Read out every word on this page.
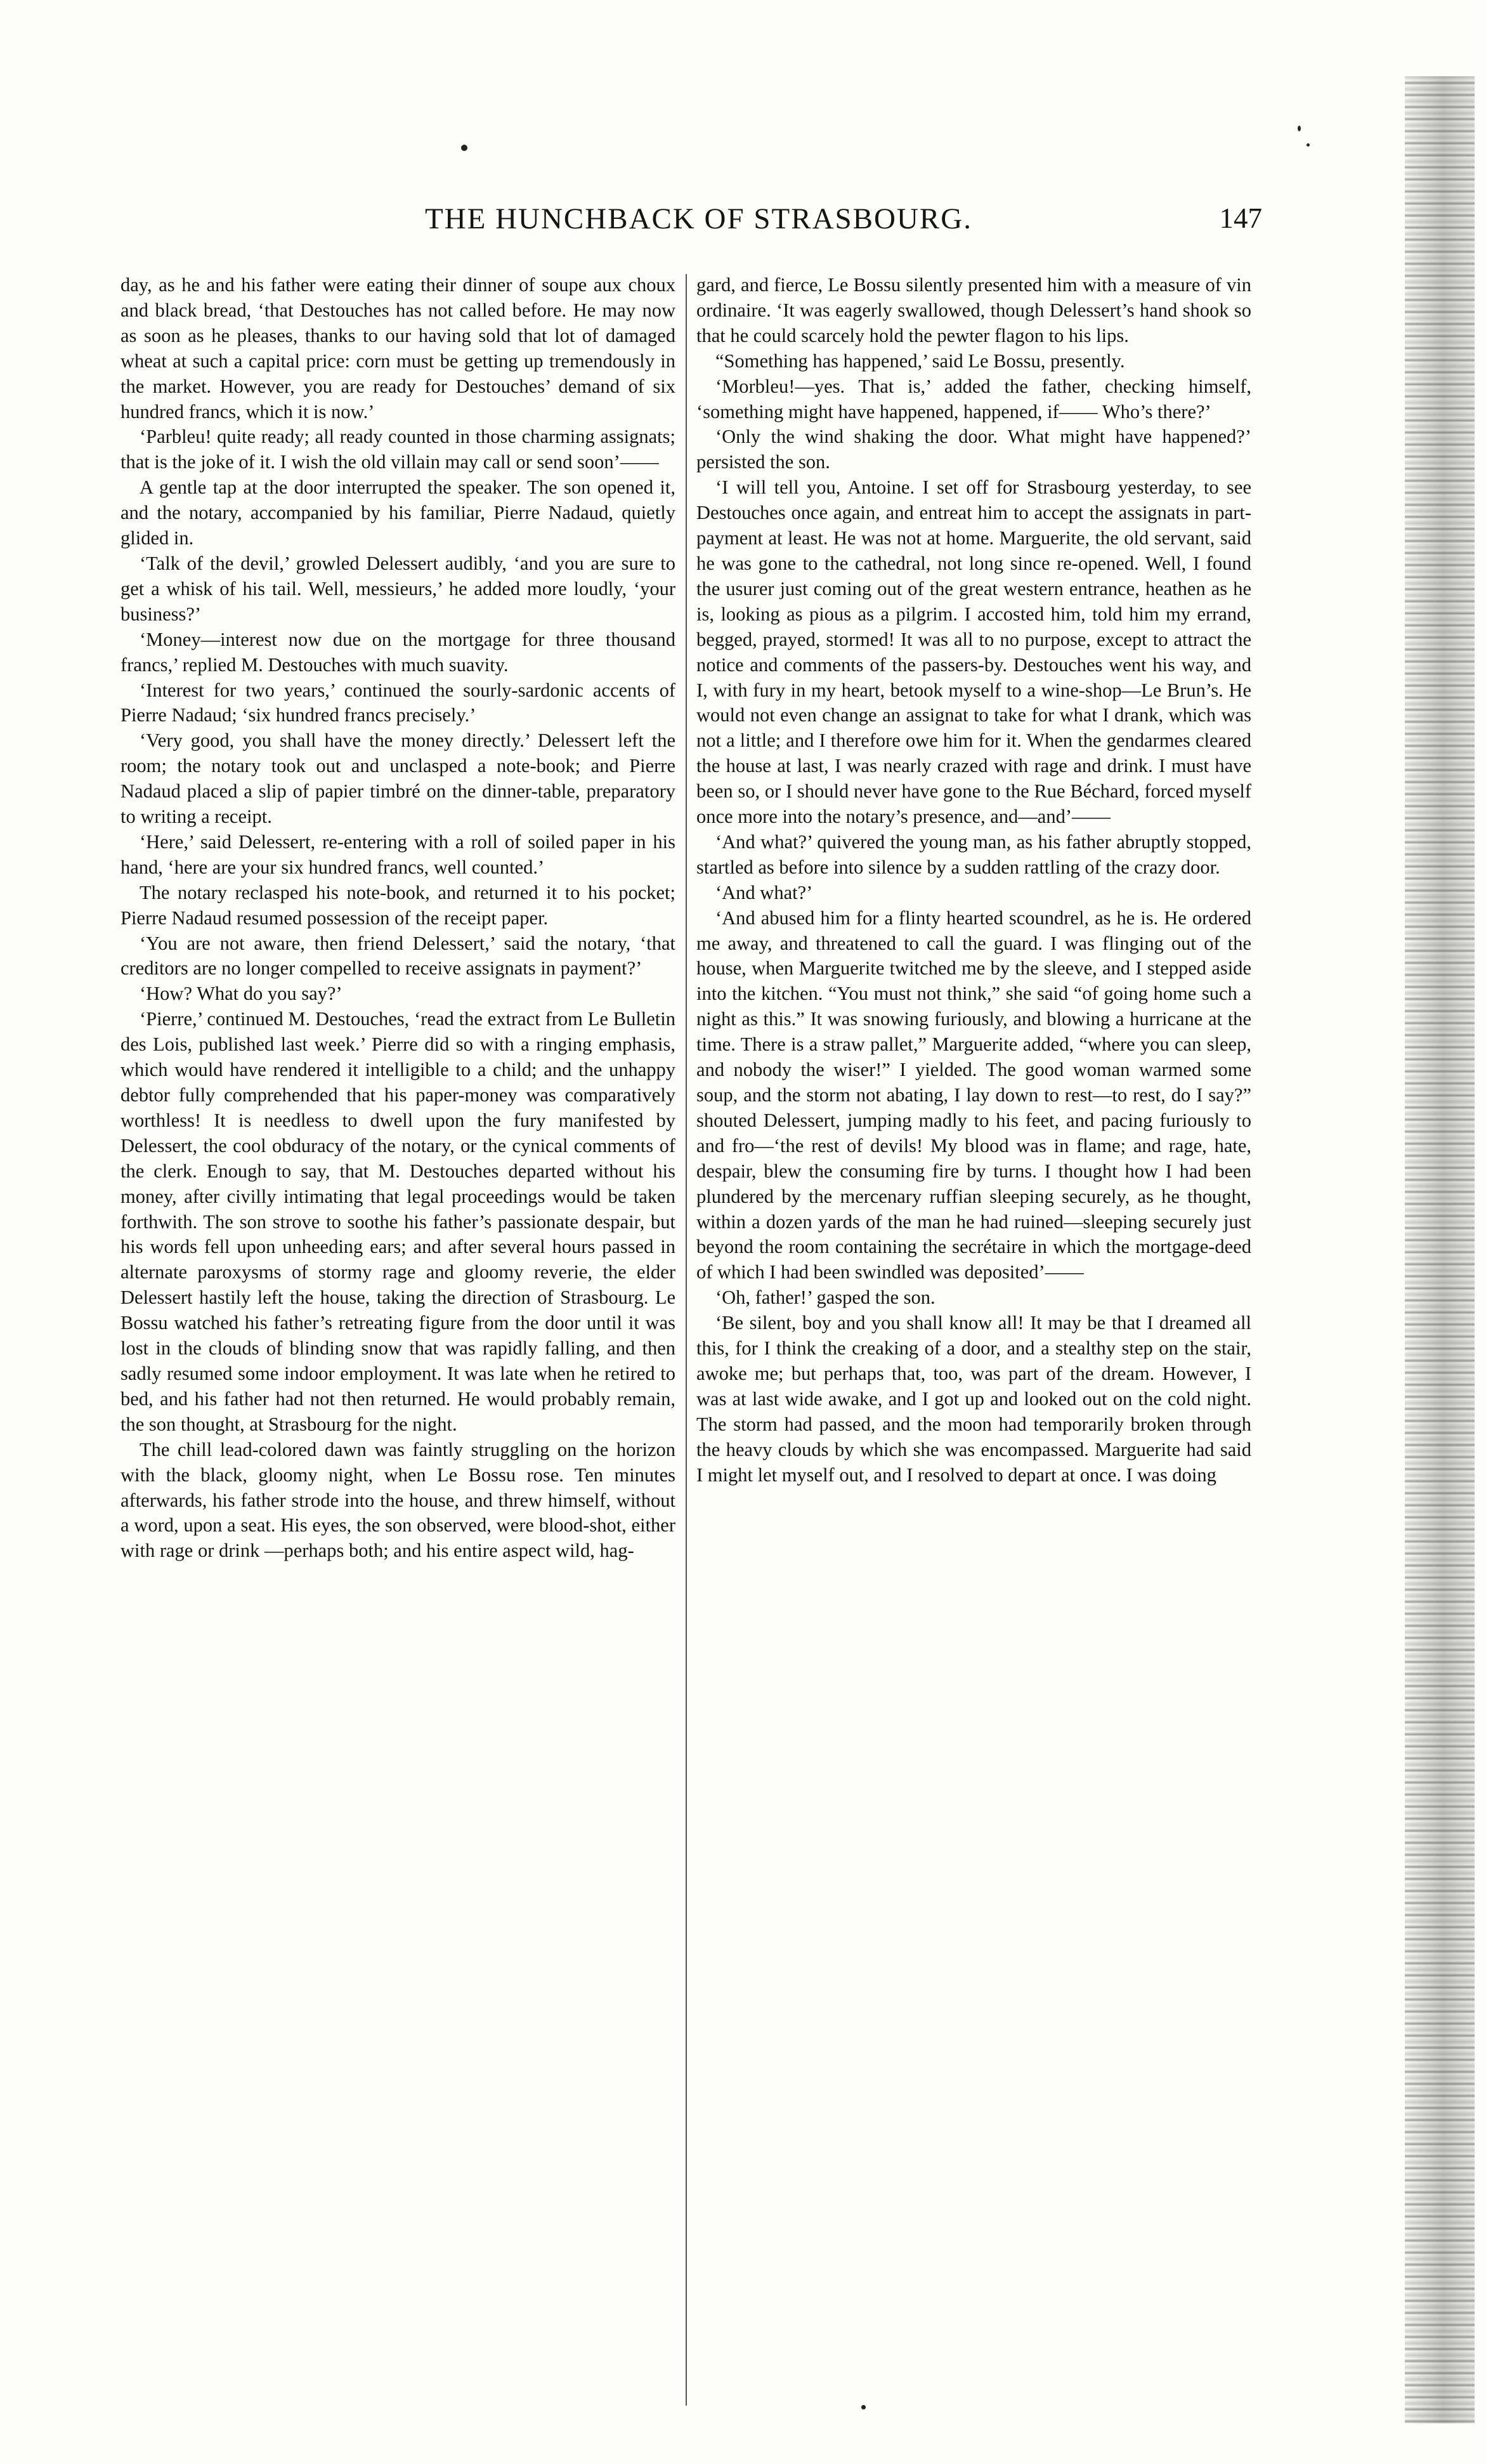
THE HUNCHBACK OF STRASBOURG.	147

day, as he and his father were eating their dinner of soupe aux choux and black bread, ‘that Destouches has not called before. He may now as soon as he pleases, thanks to our having sold that lot of damaged wheat at such a capital price: corn must be getting up tremendously in the market. However, you are ready for Destouches’ demand of six hundred francs, which it is now.’

‘Parbleu! quite ready; all ready counted in those charming assignats; that is the joke of it. I wish the old villain may call or send soon’——

A gentle tap at the door interrupted the speaker. The son opened it, and the notary, accompanied by his familiar, Pierre Nadaud, quietly glided in.

‘Talk of the devil,’ growled Delessert audibly, ‘and you are sure to get a whisk of his tail. Well, messieurs,’ he added more loudly, ‘your business?’

‘Money—interest now due on the mortgage for three thousand francs,’ replied M. Destouches with much suavity.

‘Interest for two years,’ continued the sourly-sardonic accents of Pierre Nadaud; ‘six hundred francs precisely.’

‘Very good, you shall have the money directly.’ Delessert left the room; the notary took out and unclasped a note-book; and Pierre Nadaud placed a slip of papier timbré on the dinner-table, preparatory to writing a receipt.

‘Here,’ said Delessert, re-entering with a roll of soiled paper in his hand, ‘here are your six hundred francs, well counted.’

The notary reclasped his note-book, and returned it to his pocket; Pierre Nadaud resumed possession of the receipt paper.

‘You are not aware, then friend Delessert,’ said the notary, ‘that creditors are no longer compelled to receive assignats in payment?’

‘How? What do you say?’

‘Pierre,’ continued M. Destouches, ‘read the extract from Le Bulletin des Lois, published last week.’ Pierre did so with a ringing emphasis, which would have rendered it intelligible to a child; and the unhappy debtor fully comprehended that his paper-money was comparatively worthless! It is needless to dwell upon the fury manifested by Delessert, the cool obduracy of the notary, or the cynical comments of the clerk. Enough to say, that M. Destouches departed without his money, after civilly intimating that legal proceedings would be taken forthwith. The son strove to soothe his father’s passionate despair, but his words fell upon unheeding ears; and after several hours passed in alternate paroxysms of stormy rage and gloomy reverie, the elder Delessert hastily left the house, taking the direction of Strasbourg. Le Bossu watched his father’s retreating figure from the door until it was lost in the clouds of blinding snow that was rapidly falling, and then sadly resumed some indoor employment. It was late when he retired to bed, and his father had not then returned. He would probably remain, the son thought, at Strasbourg for the night.

The chill lead-colored dawn was faintly struggling on the horizon with the black, gloomy night, when Le Bossu rose. Ten minutes afterwards, his father strode into the house, and threw himself, without a word, upon a seat. His eyes, the son observed, were blood-shot, either with rage or drink —perhaps both; and his entire aspect wild, hag-

gard, and fierce, Le Bossu silently presented him with a measure of vin ordinaire. ‘It was eagerly swallowed, though Delessert’s hand shook so that he could scarcely hold the pewter flagon to his lips.

“Something has happened,’ said Le Bossu, presently.

‘Morbleu!—yes. That is,’ added the father, checking himself, ‘something might have happened, happened, if—— Who’s there?’

‘Only the wind shaking the door. What might have happened?’ persisted the son.

‘I will tell you, Antoine. I set off for Strasbourg yesterday, to see Destouches once again, and entreat him to accept the assignats in part-payment at least. He was not at home. Marguerite, the old servant, said he was gone to the cathedral, not long since re-opened. Well, I found the usurer just coming out of the great western entrance, heathen as he is, looking as pious as a pilgrim. I accosted him, told him my errand, begged, prayed, stormed! It was all to no purpose, except to attract the notice and comments of the passers-by. Destouches went his way, and I, with fury in my heart, betook myself to a wine-shop—Le Brun’s. He would not even change an assignat to take for what I drank, which was not a little; and I therefore owe him for it. When the gendarmes cleared the house at last, I was nearly crazed with rage and drink. I must have been so, or I should never have gone to the Rue Béchard, forced myself once more into the notary’s presence, and—and’——

‘And what?’ quivered the young man, as his father abruptly stopped, startled as before into silence by a sudden rattling of the crazy door.

‘And what?’

‘And abused him for a flinty hearted scoundrel, as he is. He ordered me away, and threatened to call the guard. I was flinging out of the house, when Marguerite twitched me by the sleeve, and I stepped aside into the kitchen. “You must not think,” she said “of going home such a night as this.” It was snowing furiously, and blowing a hurricane at the time. There is a straw pallet,” Marguerite added, “where you can sleep, and nobody the wiser!” I yielded. The good woman warmed some soup, and the storm not abating, I lay down to rest—to rest, do I say?” shouted Delessert, jumping madly to his feet, and pacing furiously to and fro—‘the rest of devils! My blood was in flame; and rage, hate, despair, blew the consuming fire by turns. I thought how I had been plundered by the mercenary ruffian sleeping securely, as he thought, within a dozen yards of the man he had ruined—sleeping securely just beyond the room containing the secrétaire in which the mortgage-deed of which I had been swindled was deposited’——

‘Oh, father!’ gasped the son.

‘Be silent, boy and you shall know all! It may be that I dreamed all this, for I think the creaking of a door, and a stealthy step on the stair, awoke me; but perhaps that, too, was part of the dream. However, I was at last wide awake, and I got up and looked out on the cold night. The storm had passed, and the moon had temporarily broken through the heavy clouds by which she was encompassed. Marguerite had said I might let myself out, and I resolved to depart at once. I was doing
